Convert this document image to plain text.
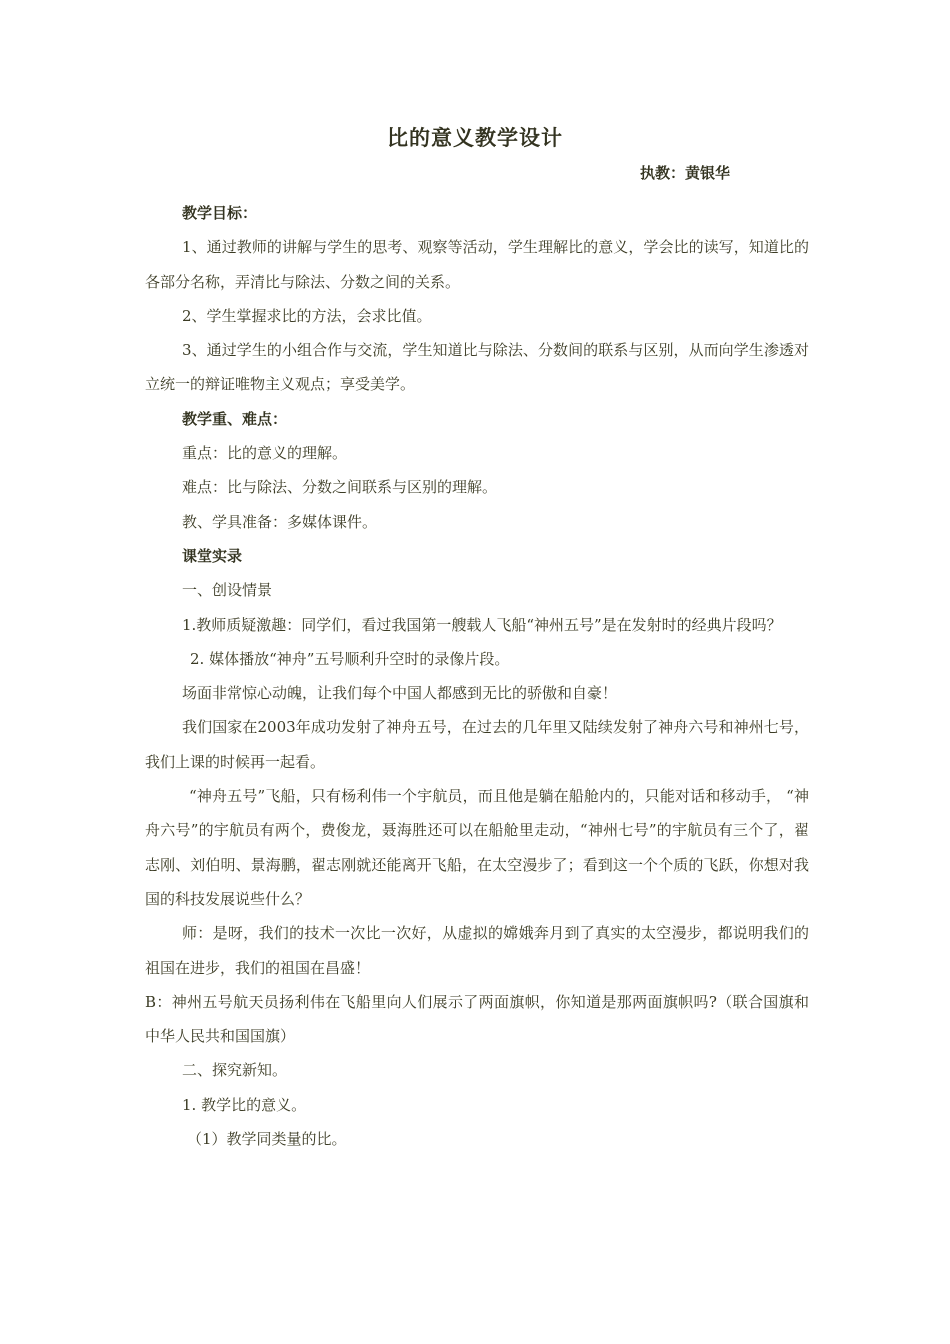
比的意义教学设计
执教：黄银华

教学目标：

1、通过教师的讲解与学生的思考、观察等活动，学生理解比的意义，学会比的读写，知道比的各部分名称，弄清比与除法、分数之间的关系。

2、学生掌握求比的方法，会求比值。

3、通过学生的小组合作与交流，学生知道比与除法、分数间的联系与区别，从而向学生渗透对立统一的辩证唯物主义观点；享受美学。

教学重、难点：

重点：比的意义的理解。

难点：比与除法、分数之间联系与区别的理解。

教、学具准备：多媒体课件。

课堂实录

一、创设情景

1.教师质疑激趣：同学们，看过我国第一艘载人飞船“神州五号”是在发射时的经典片段吗？

2. 媒体播放“神舟”五号顺利升空时的录像片段。

场面非常惊心动魄，让我们每个中国人都感到无比的骄傲和自豪！

我们国家在2003年成功发射了神舟五号，在过去的几年里又陆续发射了神舟六号和神州七号，我们上课的时候再一起看。

“神舟五号”飞船，只有杨利伟一个宇航员，而且他是躺在船舱内的，只能对话和移动手， “神舟六号”的宇航员有两个，费俊龙，聂海胜还可以在船舱里走动，“神州七号”的宇航员有三个了，翟志刚、刘伯明、景海鹏，翟志刚就还能离开飞船，在太空漫步了；看到这一个个质的飞跃，你想对我国的科技发展说些什么？

师：是呀，我们的技术一次比一次好，从虚拟的嫦娥奔月到了真实的太空漫步，都说明我们的祖国在进步，我们的祖国在昌盛！

B：神州五号航天员扬利伟在飞船里向人们展示了两面旗帜，你知道是那两面旗帜吗?（联合国旗和中华人民共和国国旗）

二、探究新知。

1. 教学比的意义。

（1）教学同类量的比。
